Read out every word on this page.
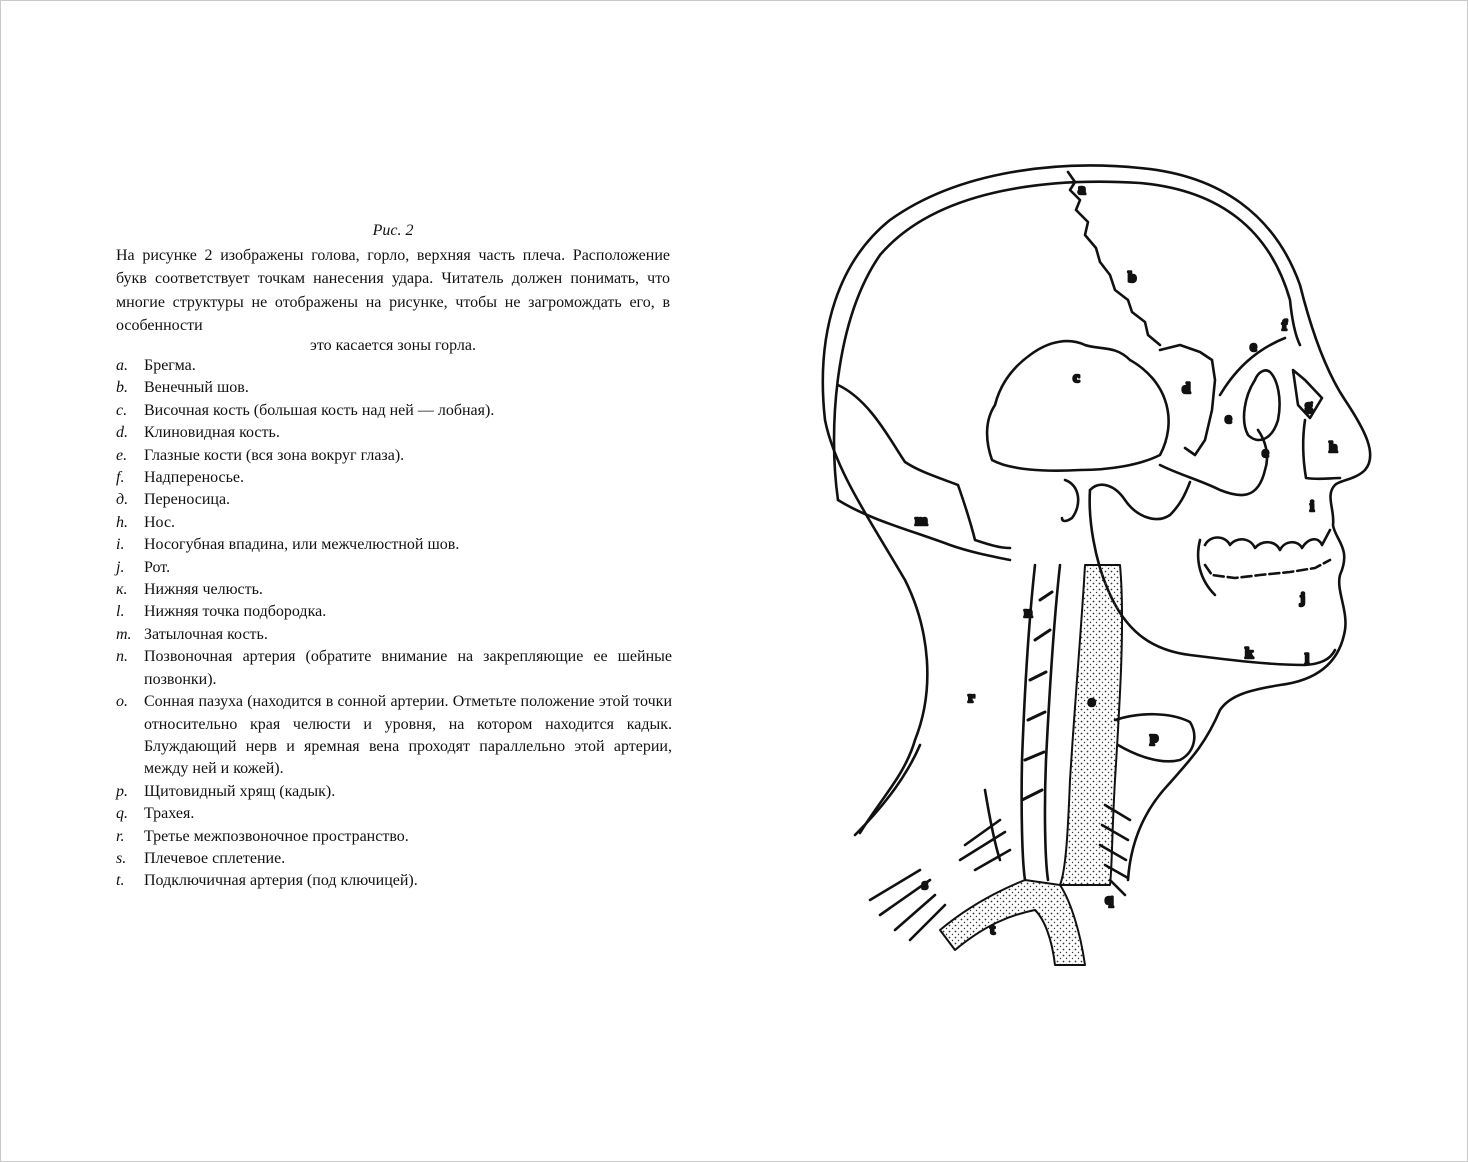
Рис. 2
На рисунке 2 изображены голова, горло, верхняя часть плеча. Расположение букв соответствует точкам нанесения удара. Читатель должен понимать, что многие структуры не отображены на рисунке, чтобы не загромождать его, в особенности
это касается зоны горла.
a.	Брегма.
b.	Венечный шов.
c.	Височная кость (большая кость над ней — лобная).
d.	Клиновидная кость.
e.	Глазные кости (вся зона вокруг глаза).
f.	Надпереносье.
д. Переносица.
h.	Нос.
i.	Носогубная впадина, или межчелюстной шов.
j.	Рот.
к.	Нижняя челюсть.
l.	Нижняя точка подбородка.
m. Затылочная кость.
n.	Позвоночная артерия (обратите внимание на закрепляющие ее шейные позвонки).
o.	Сонная пазуха (находится в сонной артерии. Отметьте положение этой точки относительно края челюсти и уровня, на котором находится кадык. Блуждающий нерв и яремная вена проходят параллельно этой артерии, между ней и кожей).
p.	Щитовидный хрящ (кадык).
q.	Трахея.
r.	Третье межпозвоночное пространство.
s.	Плечевое сплетение.
t.	Подключичная артерия (под ключицей).
a
b
c
d
e
e
e
f
g
h
i
j
k	l
m
n
o
p
q
r
s
t
